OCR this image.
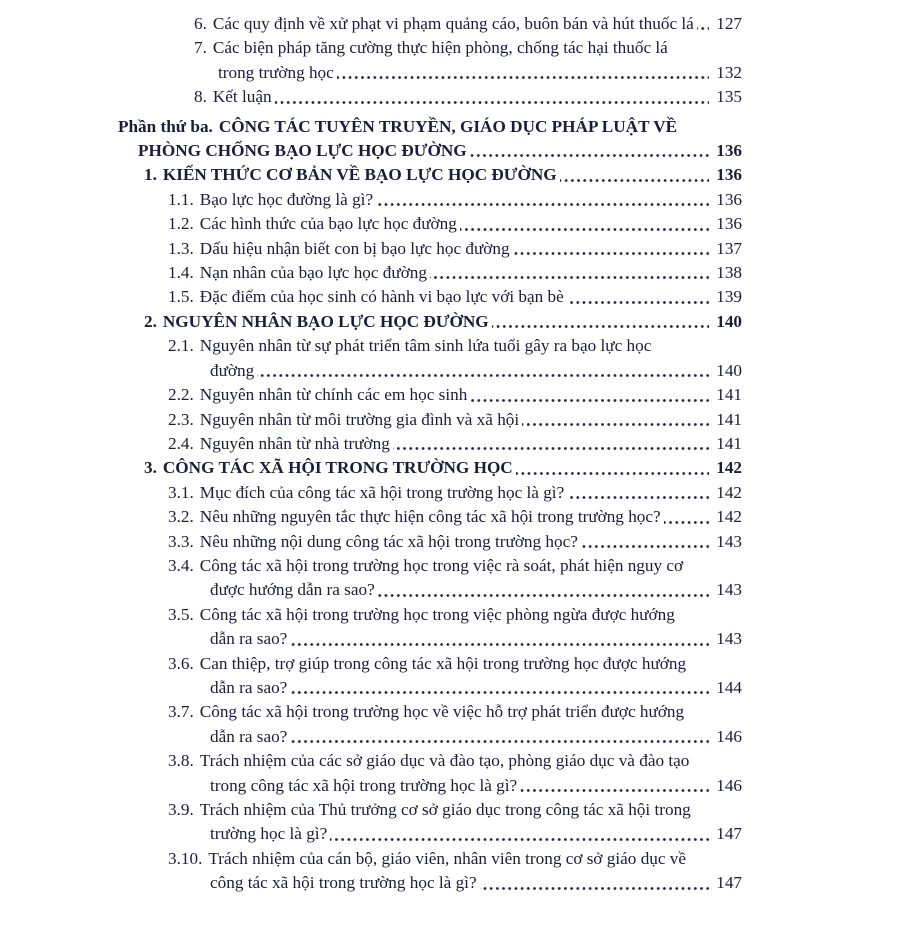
6. Các quy định về xử phạt vi phạm quảng cáo, buôn bán và hút thuốc lá	127
7. Các biện pháp tăng cường thực hiện phòng, chống tác hại thuốc lá trong trường học	132
8. Kết luận	135
Phần thứ ba. CÔNG TÁC TUYÊN TRUYỀN, GIÁO DỤC PHÁP LUẬT VỀ PHÒNG CHỐNG BẠO LỰC HỌC ĐƯỜNG	136
1. KIẾN THỨC CƠ BẢN VỀ BẠO LỰC HỌC ĐƯỜNG	136
1.1. Bạo lực học đường là gì?	136
1.2. Các hình thức của bạo lực học đường	136
1.3. Dấu hiệu nhận biết con bị bạo lực học đường	137
1.4. Nạn nhân của bạo lực học đường	138
1.5. Đặc điểm của học sinh có hành vi bạo lực với bạn bè	139
2. NGUYÊN NHÂN BẠO LỰC HỌC ĐƯỜNG	140
2.1. Nguyên nhân từ sự phát triển tâm sinh lứa tuổi gây ra bạo lực học đường	140
2.2. Nguyên nhân từ chính các em học sinh	141
2.3. Nguyên nhân từ môi trường gia đình và xã hội	141
2.4. Nguyên nhân từ nhà trường	141
3. CÔNG TÁC XÃ HỘI TRONG TRƯỜNG HỌC	142
3.1. Mục đích của công tác xã hội trong trường học là gì?	142
3.2. Nêu những nguyên tắc thực hiện công tác xã hội trong trường học?	142
3.3. Nêu những nội dung công tác xã hội trong trường học?	143
3.4. Công tác xã hội trong trường học trong việc rà soát, phát hiện nguy cơ được hướng dẫn ra sao?	143
3.5. Công tác xã hội trong trường học trong việc phòng ngừa được hướng dẫn ra sao?	143
3.6. Can thiệp, trợ giúp trong công tác xã hội trong trường học được hướng dẫn ra sao?	144
3.7. Công tác xã hội trong trường học về việc hỗ trợ phát triển được hướng dẫn ra sao?	146
3.8. Trách nhiệm của các sở giáo dục và đào tạo, phòng giáo dục và đào tạo trong công tác xã hội trong trường học là gì?	146
3.9. Trách nhiệm của Thủ trưởng cơ sở giáo dục trong công tác xã hội trong trường học là gì?	147
3.10. Trách nhiệm của cán bộ, giáo viên, nhân viên trong cơ sở giáo dục về công tác xã hội trong trường học là gì?	147
